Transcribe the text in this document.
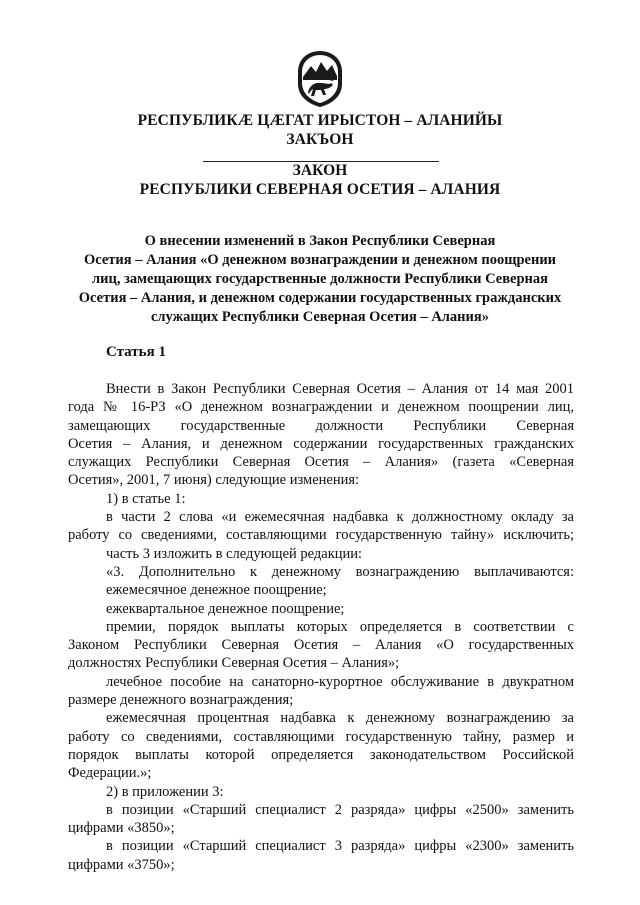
РЕСПУБЛИКӔ ЦӔГАТ ИРЫСТОН – АЛАНИЙЫ
ЗАКЪОН
ЗАКОН
РЕСПУБЛИКИ СЕВЕРНАЯ ОСЕТИЯ – АЛАНИЯ
О внесении изменений в Закон Республики Северная
Осетия – Алания «О денежном вознаграждении и денежном поощрении
лиц, замещающих государственные должности Республики Северная
Осетия – Алания, и денежном содержании государственных гражданских
служащих Республики Северная Осетия – Алания»
Статья 1
Внести в Закон Республики Северная Осетия – Алания от 14 мая 2001
года № 16-РЗ «О денежном вознаграждении и денежном поощрении лиц,
замещающих государственные должности Республики Северная
Осетия – Алания, и денежном содержании государственных гражданских
служащих Республики Северная Осетия – Алания» (газета «Северная
Осетия», 2001, 7 июня) следующие изменения:
1) в статье 1:
в части 2 слова «и ежемесячная надбавка к должностному окладу за
работу со сведениями, составляющими государственную тайну» исключить;
часть 3 изложить в следующей редакции:
«3. Дополнительно к денежному вознаграждению выплачиваются:
ежемесячное денежное поощрение;
ежеквартальное денежное поощрение;
премии, порядок выплаты которых определяется в соответствии с
Законом Республики Северная Осетия – Алания «О государственных
должностях Республики Северная Осетия – Алания»;
лечебное пособие на санаторно-курортное обслуживание в двукратном
размере денежного вознаграждения;
ежемесячная процентная надбавка к денежному вознаграждению за
работу со сведениями, составляющими государственную тайну, размер и
порядок выплаты которой определяется законодательством Российской
Федерации.»;
2) в приложении 3:
в позиции «Старший специалист 2 разряда» цифры «2500» заменить
цифрами «3850»;
в позиции «Старший специалист 3 разряда» цифры «2300» заменить
цифрами «3750»;
